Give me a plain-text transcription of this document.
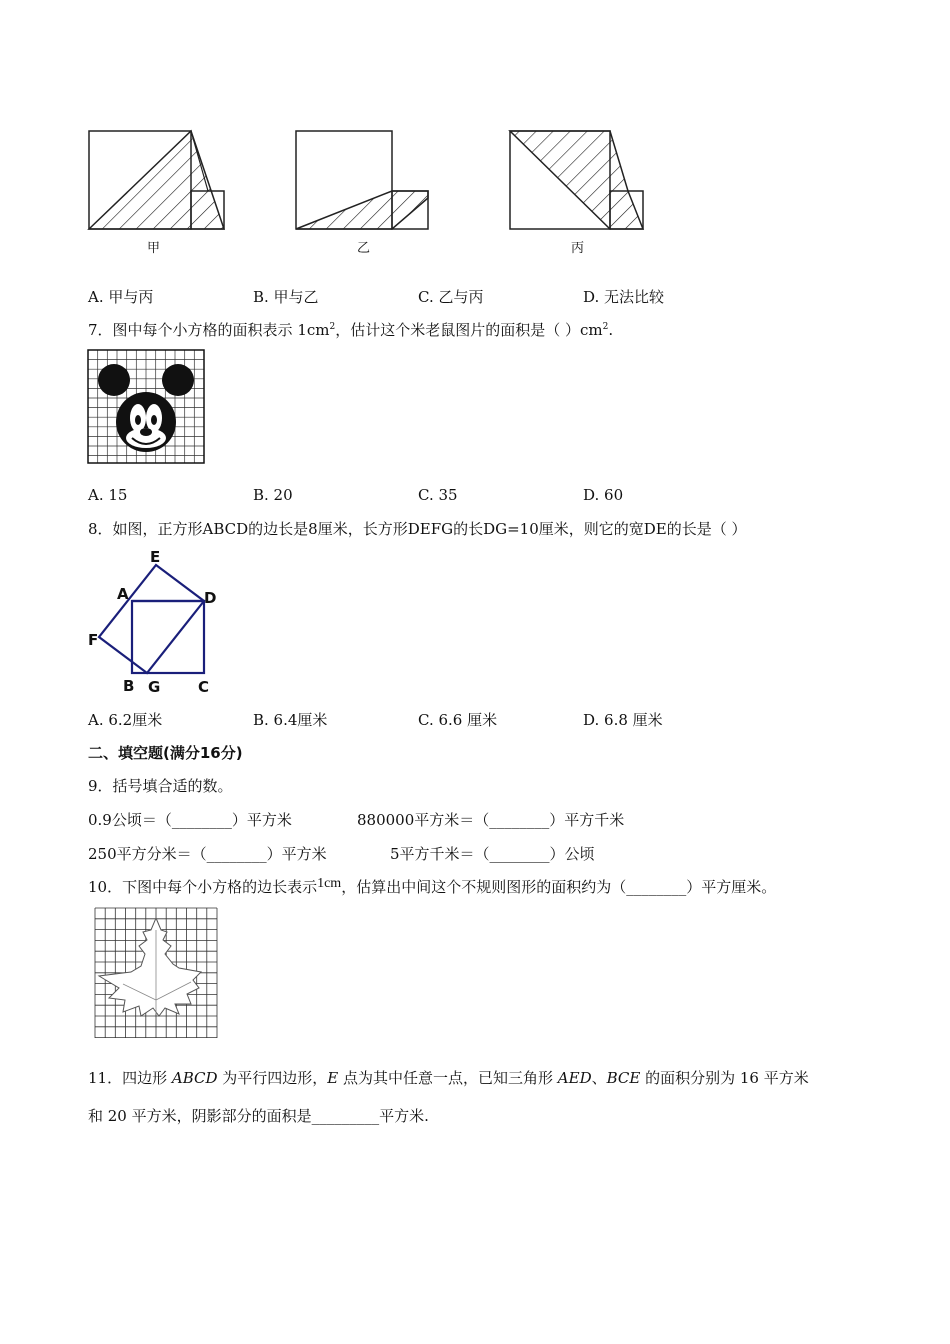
甲	乙	丙
A. 甲与丙	B. 甲与乙	C. 乙与丙	D. 无法比较
7．图中每个小方格的面积表示 $1cm^2$，估计这个米老鼠图片的面积是（ ）$cm^2$.
A. 15	B. 20	C. 35	D. 60
8．如图，正方形ABCD的边长是8厘米，长方形DEFG的长DG=10厘米，则它的宽DE的长是（ ）
E
A	D
F
B G	C
A. 6.2厘米	B. 6.4厘米	C. 6.6 厘米	D. 6.8 厘米
二、填空题(满分16分)
9．括号填合适的数。
0.9公顷＝（________）平方米	880000平方米＝（________）平方千米
250平方分米＝（________）平方米	5平方千米＝（________）公顷
10．下图中每个小方格的边长表示1cm，估算出中间这个不规则图形的面积约为（________）平方厘米。
11．四边形 ABCD 为平行四边形，E 点为其中任意一点，已知三角形 AED、BCE 的面积分别为 16 平方米
和 20 平方米，阴影部分的面积是_________平方米.
